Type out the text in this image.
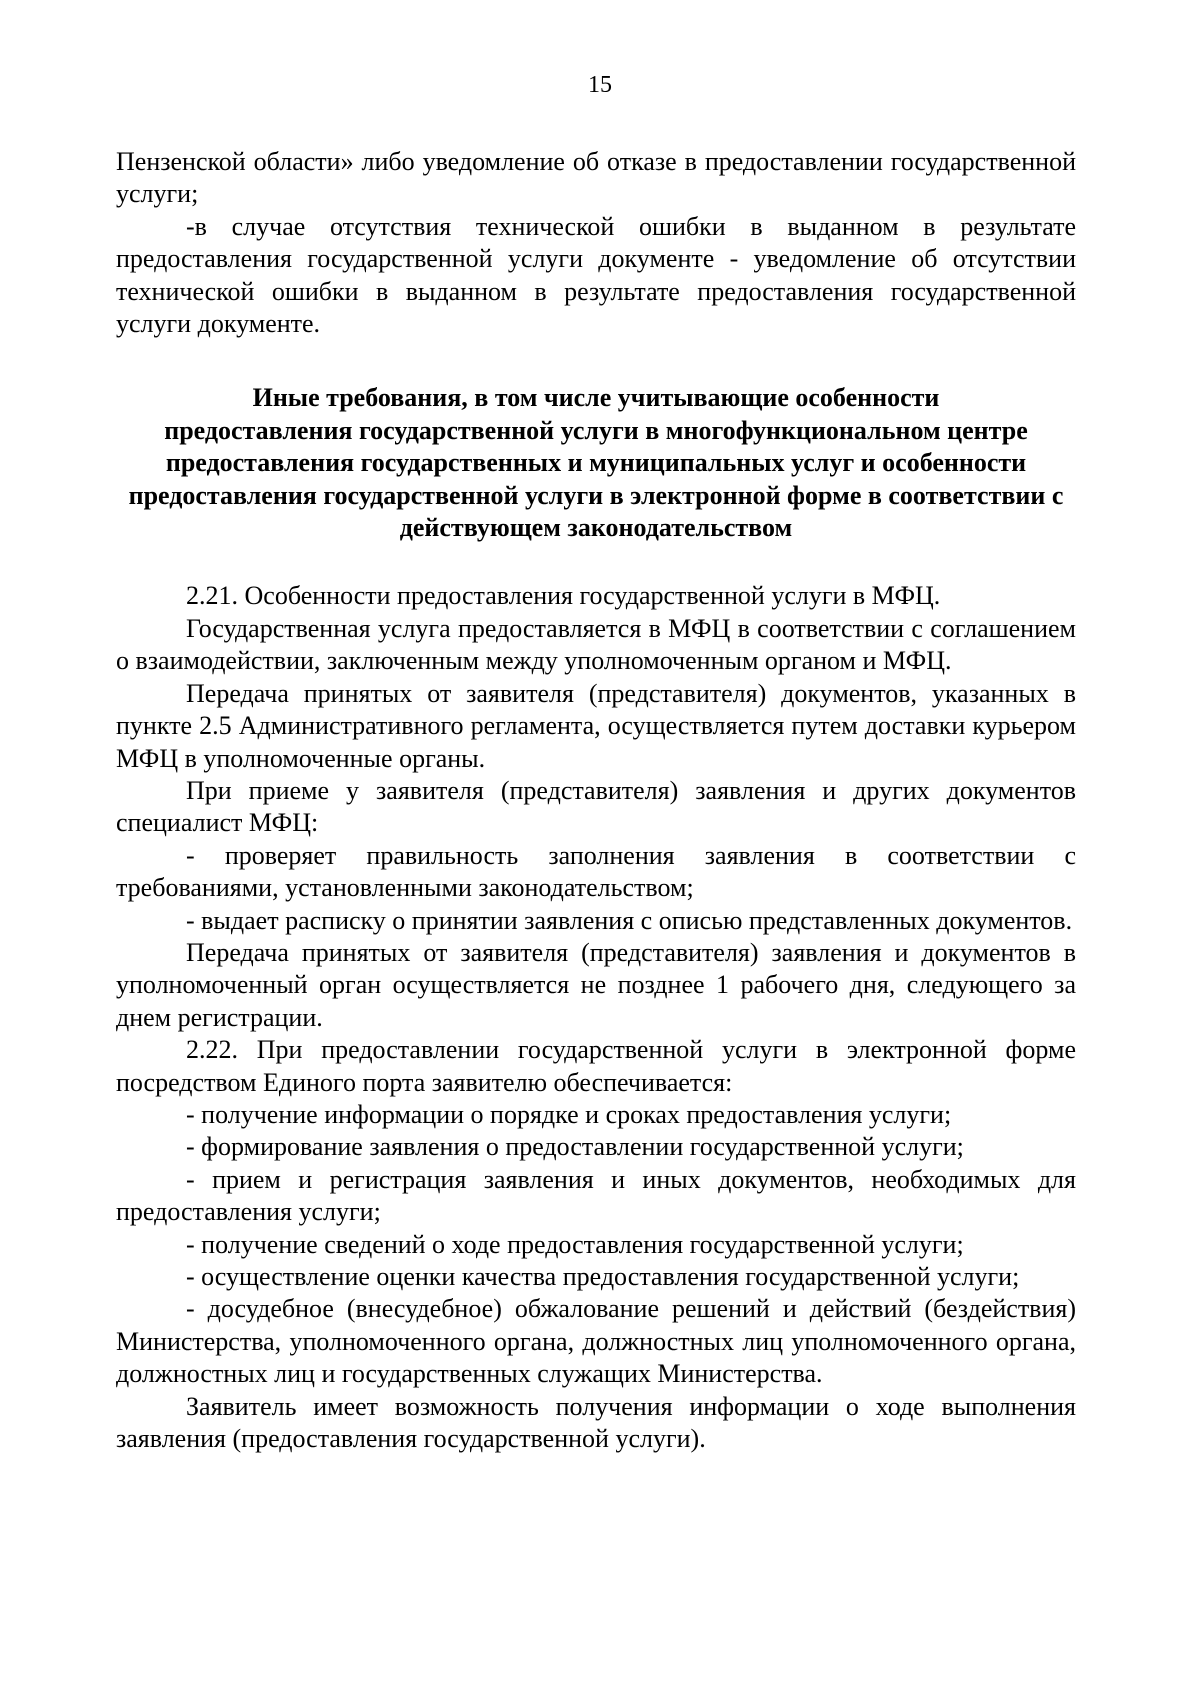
15

Пензенской области» либо уведомление об отказе в предоставлении государственной услуги;

-в случае отсутствия технической ошибки в выданном в результате предоставления государственной услуги документе - уведомление об отсутствии технической ошибки в выданном в результате предоставления государственной услуги документе.

Иные требования, в том числе учитывающие особенности
предоставления государственной услуги в многофункциональном центре
предоставления государственных и муниципальных услуг и особенности
предоставления государственной услуги в электронной форме в соответствии с
действующем законодательством

2.21. Особенности предоставления государственной услуги в МФЦ.

Государственная услуга предоставляется в МФЦ в соответствии с соглашением о взаимодействии, заключенным между уполномоченным органом и МФЦ.

Передача принятых от заявителя (представителя) документов, указанных в пункте 2.5 Административного регламента, осуществляется путем доставки курьером МФЦ в уполномоченные органы.

При приеме у заявителя (представителя) заявления и других документов специалист МФЦ:

- проверяет правильность заполнения заявления в соответствии с требованиями, установленными законодательством;

- выдает расписку о принятии заявления с описью представленных документов.

Передача принятых от заявителя (представителя) заявления и документов в уполномоченный орган осуществляется не позднее 1 рабочего дня, следующего за днем регистрации.

2.22. При предоставлении государственной услуги в электронной форме посредством Единого порта заявителю обеспечивается:

- получение информации о порядке и сроках предоставления услуги;

- формирование заявления о предоставлении государственной услуги;

- прием и регистрация заявления и иных документов, необходимых для предоставления услуги;

- получение сведений о ходе предоставления государственной услуги;

- осуществление оценки качества предоставления государственной услуги;

- досудебное (внесудебное) обжалование решений и действий (бездействия) Министерства, уполномоченного органа, должностных лиц уполномоченного органа, должностных лиц и государственных служащих Министерства.

Заявитель имеет возможность получения информации о ходе выполнения заявления (предоставления государственной услуги).
